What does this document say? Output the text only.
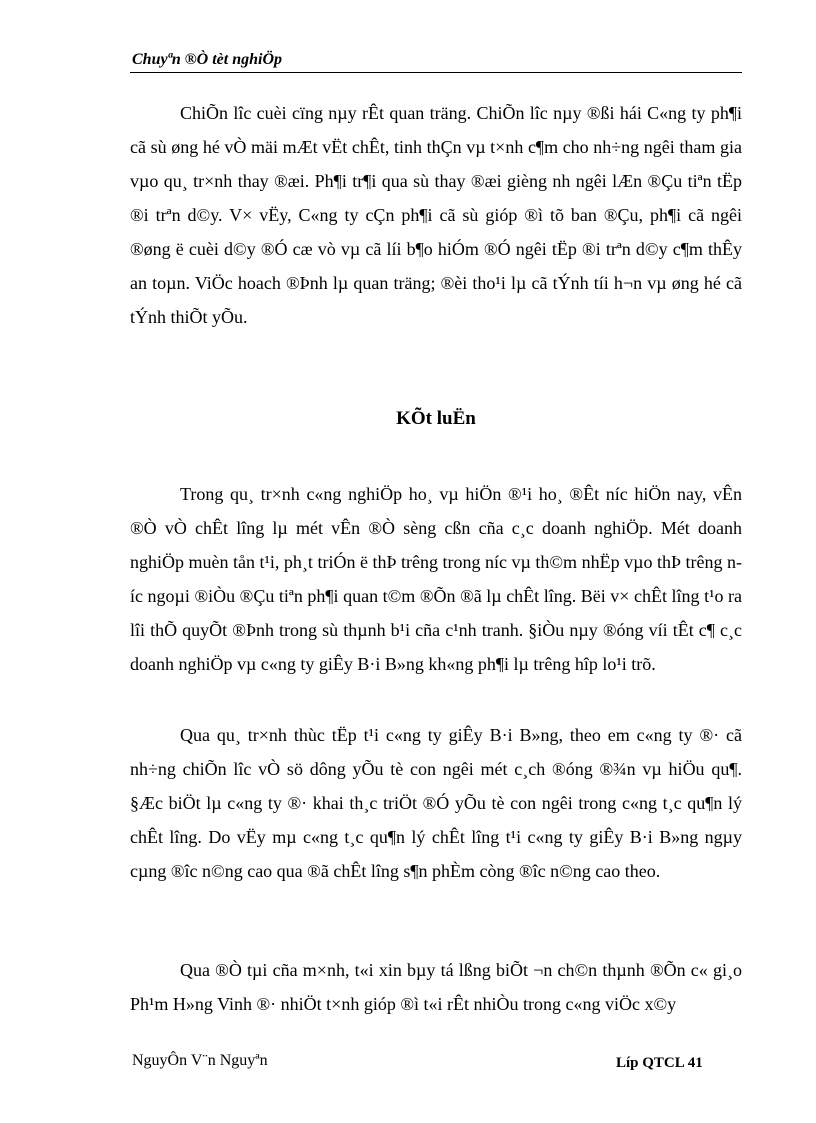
Chuyªn ®Ò tèt nghiÖp

ChiÕn lîc cuèi cïng nµy rÊt quan träng. ChiÕn lîc nµy ®ßi hái C«ng ty ph¶i cã sù øng hé vÒ mäi mÆt vËt chÊt, tinh thÇn vµ t×nh c¶m cho nh÷ng ngêi tham gia vµo qu¸ tr×nh thay ®æi. Ph¶i tr¶i qua sù thay ®æi gièng nh ngêi lÆn ®Çu tiªn tËp ®i trªn d©y. V× vËy, C«ng ty cÇn ph¶i cã sù gióp ®ì tõ ban ®Çu, ph¶i cã ngêi ®øng ë cuèi d©y ®Ó cæ vò vµ cã líi b¶o hiÓm ®Ó ngêi tËp ®i trªn d©y c¶m thÊy an toµn. ViÖc hoach ®Þnh lµ quan träng; ®èi tho¹i lµ cã tÝnh tíi h¬n vµ øng hé cã tÝnh thiÕt yÕu.

KÕt luËn

Trong qu¸ tr×nh c«ng nghiÖp ho¸ vµ hiÖn ®¹i ho¸ ®Êt níc hiÖn nay, vÊn ®Ò vÒ chÊt lîng lµ mét vÊn ®Ò sèng cßn cña c¸c doanh nghiÖp. Mét doanh nghiÖp muèn tån t¹i, ph¸t triÓn ë thÞ trêng trong níc vµ th©m nhËp vµo thÞ trêng níc ngoµi ®iÒu ®Çu tiªn ph¶i quan t©m ®Õn ®ã lµ chÊt lîng. Bëi v× chÊt lîng t¹o ra lîi thÕ quyÕt ®Þnh trong sù thµnh b¹i cña c¹nh tranh. §iÒu nµy ®óng víi tÊt c¶ c¸c doanh nghiÖp vµ c«ng ty giÊy B·i B»ng kh«ng ph¶i lµ trêng hîp lo¹i trõ.

Qua qu¸ tr×nh thùc tËp t¹i c«ng ty giÊy B·i B»ng, theo em c«ng ty ®· cã nh÷ng chiÕn lîc vÒ sö dông yÕu tè con ngêi mét c¸ch ®óng ®¾n vµ hiÖu qu¶. §Æc biÖt lµ c«ng ty ®· khai th¸c triÖt ®Ó yÕu tè con ngêi trong c«ng t¸c qu¶n lý chÊt lîng. Do vËy mµ c«ng t¸c qu¶n lý chÊt lîng t¹i c«ng ty giÊy B·i B»ng ngµy cµng ®îc n©ng cao qua ®ã chÊt lîng s¶n phÈm còng ®îc n©ng cao theo.

Qua ®Ò tµi cña m×nh, t«i xin bµy tá lßng biÕt ¬n ch©n thµnh ®Õn c« gi¸o Ph¹m H»ng Vinh ®· nhiÖt t×nh gióp ®ì t«i rÊt nhiÒu trong c«ng viÖc x©y

NguyÔn V¨n Nguyªn	Líp QTCL 41
